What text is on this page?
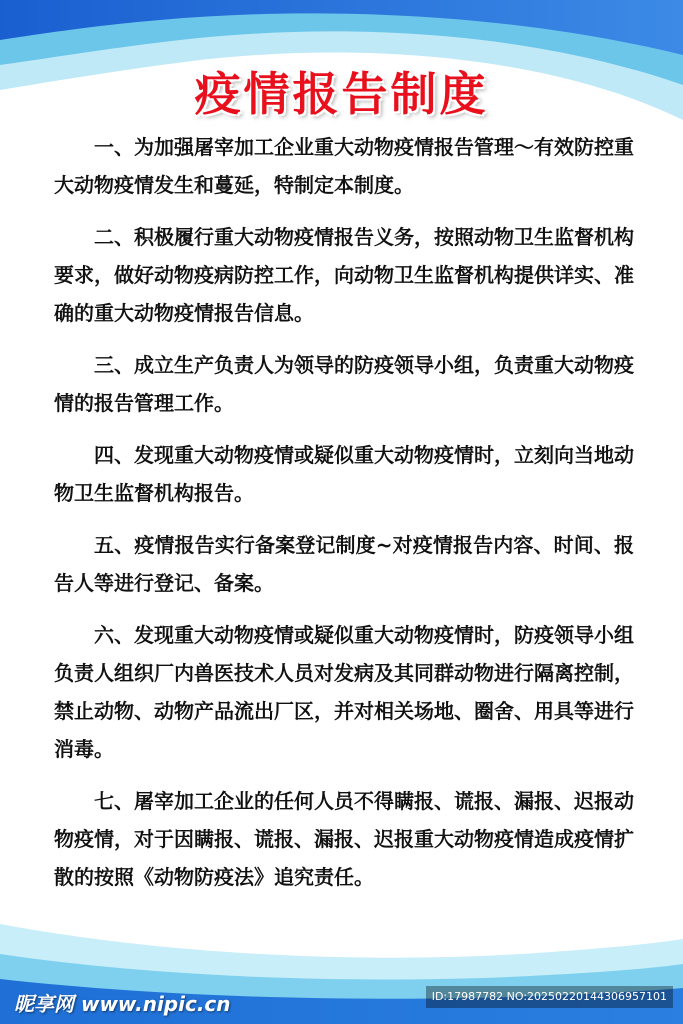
疫情报告制度

一、为加强屠宰加工企业重大动物疫情报告管理～有效防控重大动物疫情发生和蔓延，特制定本制度。

二、积极履行重大动物疫情报告义务，按照动物卫生监督机构要求，做好动物疫病防控工作，向动物卫生监督机构提供详实、准确的重大动物疫情报告信息。

三、成立生产负责人为领导的防疫领导小组，负责重大动物疫情的报告管理工作。

四、发现重大动物疫情或疑似重大动物疫情时，立刻向当地动物卫生监督机构报告。

五、疫情报告实行备案登记制度~对疫情报告内容、时间、报告人等进行登记、备案。

六、发现重大动物疫情或疑似重大动物疫情时，防疫领导小组负责人组织厂内兽医技术人员对发病及其同群动物进行隔离控制，禁止动物、动物产品流出厂区，并对相关场地、圈舍、用具等进行消毒。

七、屠宰加工企业的任何人员不得瞒报、谎报、漏报、迟报动物疫情，对于因瞒报、谎报、漏报、迟报重大动物疫情造成疫情扩散的按照《动物防疫法》追究责任。

昵享网 www.nipic.cn	ID:17987782 NO:20250220144306957101
